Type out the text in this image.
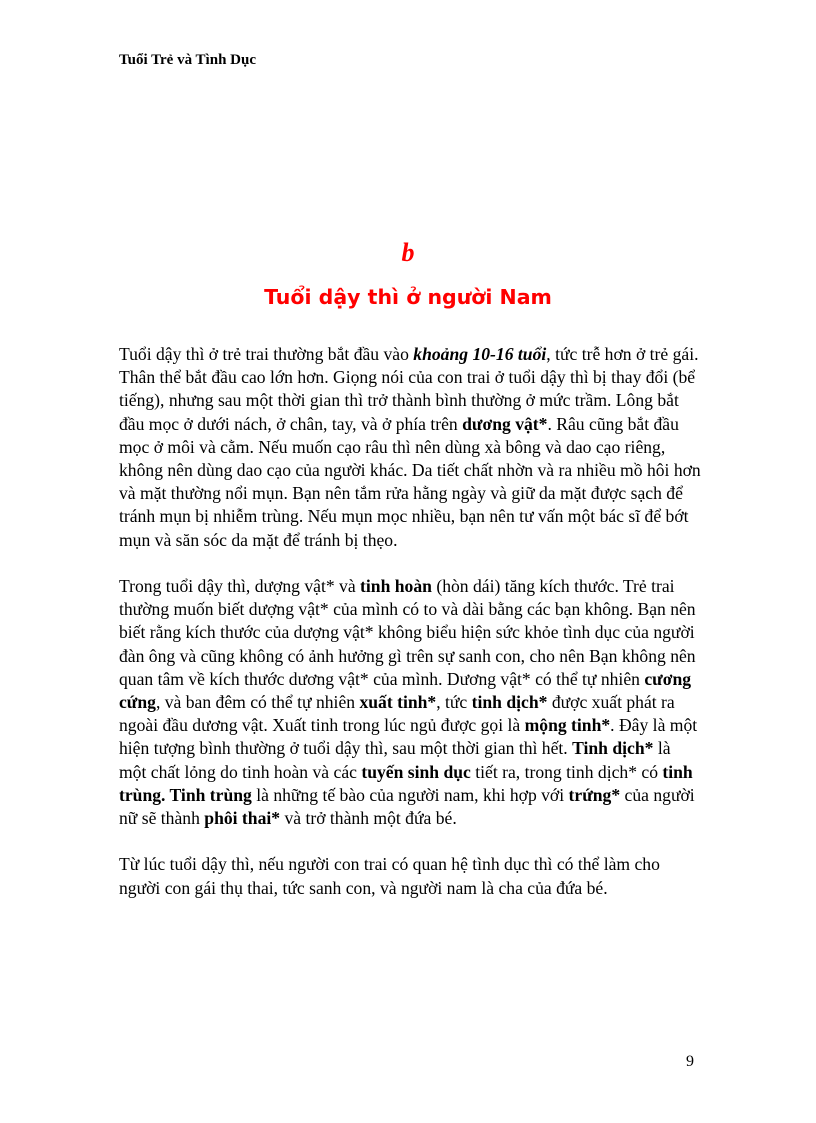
Tuổi Trẻ và Tình Dục

b

Tuổi dậy thì ở người Nam

Tuổi dậy thì ở trẻ trai thường bắt đầu vào khoảng 10-16 tuổi, tức trễ hơn ở trẻ gái. Thân thể bắt đầu cao lớn hơn. Giọng nói của con trai ở tuổi dậy thì bị thay đổi (bể tiếng), nhưng sau một thời gian thì trở thành bình thường ở mức trầm. Lông bắt đầu mọc ở dưới nách, ở chân, tay, và ở phía trên dương vật*. Râu cũng bắt đầu mọc ở môi và cằm. Nếu muốn cạo râu thì nên dùng xà bông và dao cạo riêng, không nên dùng dao cạo của người khác. Da tiết chất nhờn và ra nhiều mồ hôi hơn và mặt thường nổi mụn. Bạn nên tắm rửa hằng ngày và giữ da mặt được sạch để tránh mụn bị nhiễm trùng. Nếu mụn mọc nhiều, bạn nên tư vấn một bác sĩ để bớt mụn và săn sóc da mặt để tránh bị thẹo.

Trong tuổi dậy thì, dượng vật* và tinh hoàn (hòn dái) tăng kích thước. Trẻ trai thường muốn biết dượng vật* của mình có to và dài bằng các bạn không. Bạn nên biết rằng kích thước của dượng vật* không biểu hiện sức khỏe tình dục của người đàn ông và cũng không có ảnh hưởng gì trên sự sanh con, cho nên Bạn không nên quan tâm về kích thước dương vật* của mình. Dương vật* có thể tự nhiên cương cứng, và ban đêm có thể tự nhiên xuất tinh*, tức tinh dịch* được xuất phát ra ngoài đầu dương vật. Xuất tinh trong lúc ngủ được gọi là mộng tinh*. Đây là một hiện tượng bình thường ở tuổi dậy thì, sau một thời gian thì hết. Tinh dịch* là một chất lỏng do tinh hoàn và các tuyến sinh dục tiết ra, trong tinh dịch* có tinh trùng. Tinh trùng là những tế bào của người nam, khi hợp với trứng* của người nữ sẽ thành phôi thai* và trở thành một đứa bé.

Từ lúc tuổi dậy thì, nếu người con trai có quan hệ tình dục thì có thể làm cho người con gái thụ thai, tức sanh con, và người nam là cha của đứa bé.

9
